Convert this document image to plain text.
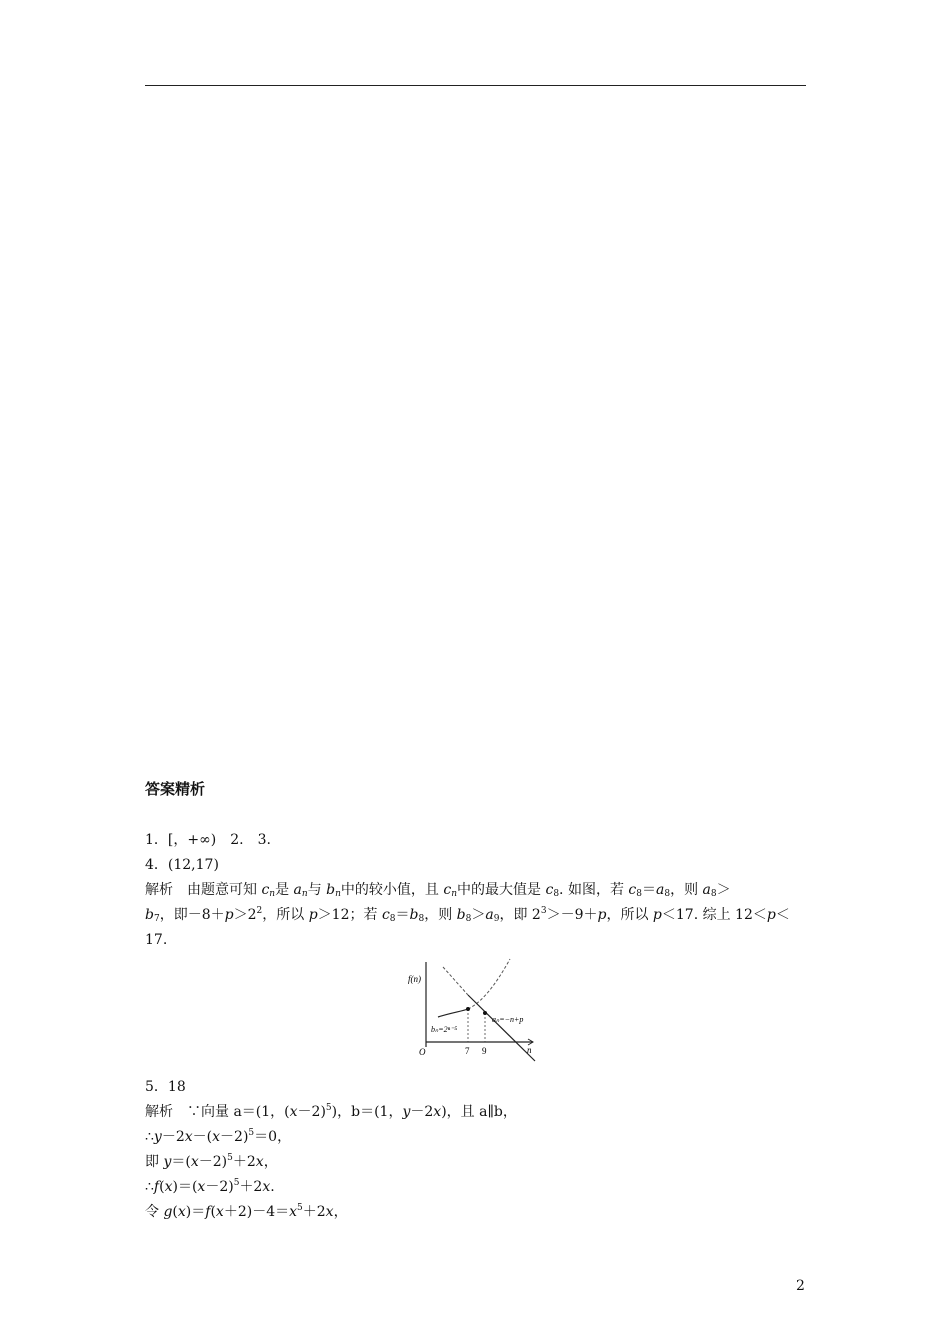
答案精析
1．[，+∞)　2.　3.
4．(12,17)
解析　由题意可知 $c_n$是 $a_n$与 $b_n$中的较小值，且 $c_n$中的最大值是 $c_8$. 如图，若 $c_8=a_8$，则 $a_8>$
$b_7$，即$-8+p>2^2$，所以 p＞12；若 $c_8=b_8$，则 $b_8>a_9$，即 $2^3>-9+p$，所以 p＜17. 综上 12＜p＜
17.
f(n)
O	n
7 9
aₙ=−n+p
bₙ=2ⁿ⁻⁵
5．18
解析　∵向量 a＝(1，$(x-2)^5$)，b＝(1，y－2x)，且 a∥b，
$\therefore y-2x-(x-2)^5=0$，
即 $y=(x-2)^5+2x$，
$\therefore f(x)=(x-2)^5+2x$.
令 $g(x)=f(x+2)-4=x^5+2x$，
2
